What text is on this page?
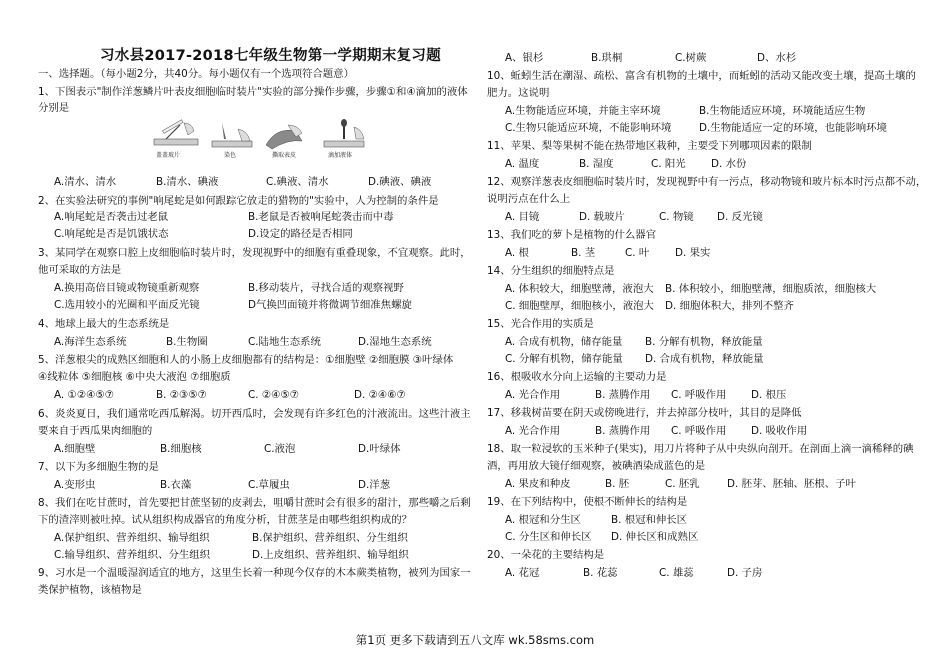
习水县2017-2018七年级生物第一学期期末复习题
一、选择题。（每小题2分，共40分。每小题仅有一个选项符合题意）
1、下图表示"制作洋葱鳞片叶表皮细胞临时装片"实验的部分操作步骤，步骤①和④滴加的液体
分别是
盖盖玻片	染色	撕取表皮	滴加液体
A.清水、清水	B.清水、碘液	C.碘液、清水	D.碘液、碘液
2、在实验法研究的事例"响尾蛇是如何跟踪它放走的猎物的"实验中，人为控制的条件是
A.响尾蛇是否袭击过老鼠	B.老鼠是否被响尾蛇袭击而中毒
C.响尾蛇是否是饥饿状态	D.设定的路径是否相同
3、某同学在观察口腔上皮细胞临时装片时，发现视野中的细胞有重叠现象，不宜观察。此时，
他可采取的方法是
A.换用高倍目镜或物镜重新观察	B.移动装片，寻找合适的观察视野
C.选用较小的光圈和平面反光镜	D气换凹面镜并将微调节细准焦螺旋
4、地球上最大的生态系统是
A.海洋生态系统	B.生物圈	C.陆地生态系统	D.湿地生态系统
5、洋葱根尖的成熟区细胞和人的小肠上皮细胞都有的结构是：①细胞壁 ②细胞膜 ③叶绿体
④线粒体 ⑤细胞核 ⑥中央大液泡 ⑦细胞质
A. ①②④⑤⑦	B. ②③⑤⑦	C. ②④⑤⑦	D. ②④⑥⑦
6、炎炎夏日，我们通常吃西瓜解渴。切开西瓜时，会发现有许多红色的汁液流出。这些汁液主
要来自于西瓜果肉细胞的
A.细胞壁	B.细胞核	C.液泡	D.叶绿体
7、以下为多细胞生物的是
A.变形虫	B.衣藻	C.草履虫	D.洋葱
8、我们在吃甘蔗时，首先要把甘蔗坚韧的皮剥去，咀嚼甘蔗时会有很多的甜汁，那些嚼之后剩
下的渣滓则被吐掉。试从组织构成器官的角度分析，甘蔗茎是由哪些组织构成的？
A.保护组织、营养组织、输导组织	B.保护组织、营养组织、分生组织
C.输导组织、营养组织、分生组织	D.上皮组织、营养组织、输导组织
9、习水是一个温暖湿润适宜的地方，这里生长着一种现今仅存的木本蕨类植物，被列为国家一
类保护植物，该植物是
A、银杉	B.珙桐	C.树蕨	D、水杉
10、蚯蚓生活在潮湿、疏松、富含有机物的土壤中，而蚯蚓的活动又能改变土壤，提高土壤的
肥力。这说明
A.生物能适应环境，并能主宰环境	B.生物能适应环境，环境能适应生物
C.生物只能适应环境，不能影响环境	D.生物能适应一定的环境，也能影响环境
11、苹果、梨等果树不能在热带地区栽种，主要受下列哪项因素的限制
A. 温度	B. 湿度	C. 阳光 D. 水份
12、观察洋葱表皮细胞临时装片时，发现视野中有一污点，移动物镜和玻片标本时污点都不动，
说明污点在什么上
A. 目镜	D. 载玻片	C. 物镜 D. 反光镜
13、我们吃的萝卜是植物的什么器官
A. 根	B. 茎	C. 叶 D. 果实
14、分生组织的细胞特点是
A. 体积较大，细胞壁薄，液泡大 B. 体积较小，细胞壁薄，细胞质浓，细胞核大
C. 细胞壁厚，细胞核小，液泡大 D. 细胞体积大，排列不整齐
15、光合作用的实质是
A. 合成有机物，储存能量 B. 分解有机物，释放能量
C. 分解有机物，储存能量 D. 合成有机物，释放能量
16、根吸收水分向上运输的主要动力是
A. 光合作用	B. 蒸腾作用 C. 呼吸作用 D. 根压
17、移栽树苗要在阴天或傍晚进行，并去掉部分枝叶，其目的是降低
A. 光合作用	B. 蒸腾作用 C. 呼吸作用 D. 吸收作用
18、取一粒浸软的玉米种子(果实)，用刀片将种子从中央纵向剖开。在剖面上滴一滴稀释的碘
酒，再用放大镜仔细观察，被碘酒染成蓝色的是
A. 果皮和种皮	B. 胚	C. 胚乳	D. 胚芽、胚轴、胚根、子叶
19、在下列结构中，使根不断伸长的结构是
A. 根冠和分生区	B. 根冠和伸长区
C. 分生区和伸长区 D. 伸长区和成熟区
20、一朵花的主要结构是
A. 花冠	B. 花蕊	C. 雄蕊	D. 子房
第1页 更多下载请到五八文库 wk.58sms.com
